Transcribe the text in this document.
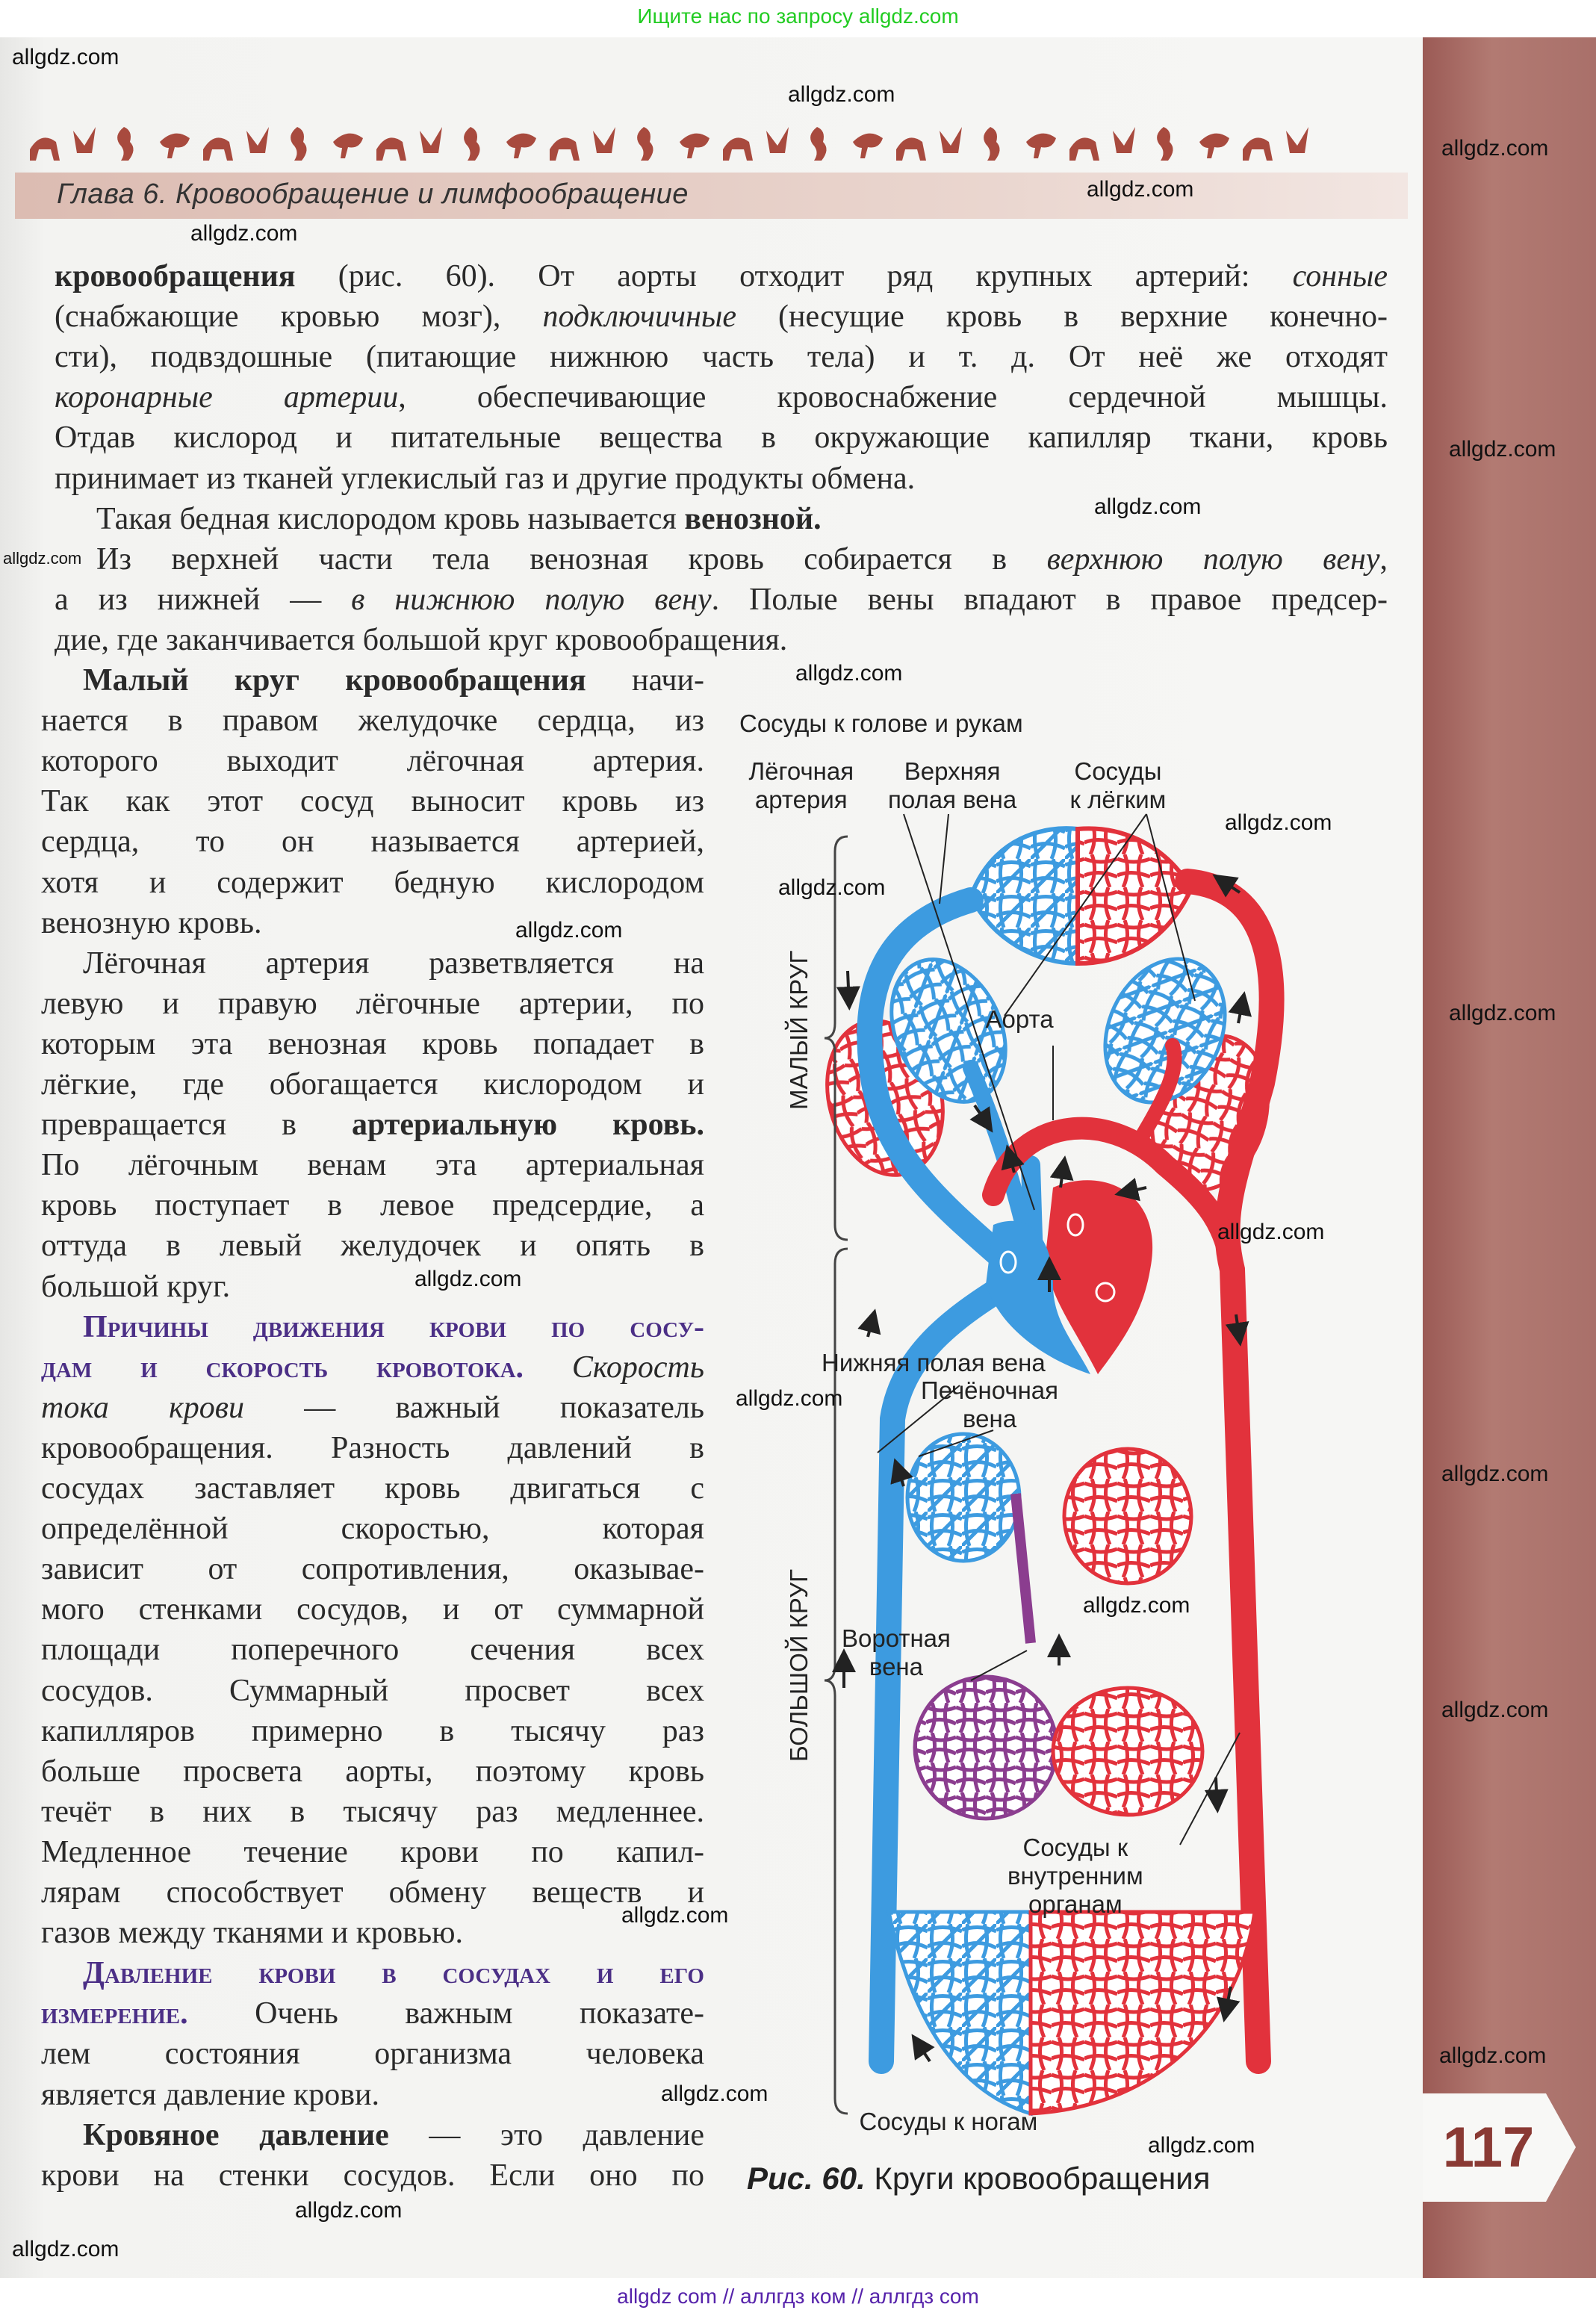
Ищите нас по запросу allgdz.com
Глава 6. Кровообращение и лимфообращение
кровообращения (рис. 60). От аорты отходит ряд крупных артерий: сонные
(снабжающие кровью мозг), подключичные (несущие кровь в верхние конечно-
сти), подвздошные (питающие нижнюю часть тела) и т. д. От неё же отходят
коронарные артерии, обеспечивающие кровоснабжение сердечной мышцы.
Отдав кислород и питательные вещества в окружающие капилляр ткани, кровь
принимает из тканей углекислый газ и другие продукты обмена.
Такая бедная кислородом кровь называется венозной.
Из верхней части тела венозная кровь собирается в верхнюю полую вену,
а из нижней — в нижнюю полую вену. Полые вены впадают в правое предсер-
дие, где заканчивается большой круг кровообращения.
Малый круг кровообращения начи-
нается в правом желудочке сердца, из
которого выходит лёгочная артерия.
Так как этот сосуд выносит кровь из
сердца, то он называется артерией,
хотя и содержит бедную кислородом
венозную кровь.
Лёгочная артерия разветвляется на
левую и правую лёгочные артерии, по
которым эта венозная кровь попадает в
лёгкие, где обогащается кислородом и
превращается в артериальную кровь.
По лёгочным венам эта артериальная
кровь поступает в левое предсердие, а
оттуда в левый желудочек и опять в
большой круг.
Причины движения крови по сосу-
дам и скорость кровотока. Скорость
тока крови — важный показатель
кровообращения. Разность давлений в
сосудах заставляет кровь двигаться с
определённой скоростью, которая
зависит от сопротивления, оказывае-
мого стенками сосудов, и от суммарной
площади поперечного сечения всех
сосудов. Суммарный просвет всех
капилляров примерно в тысячу раз
больше просвета аорты, поэтому кровь
течёт в них в тысячу раз медленнее.
Медленное течение крови по капил-
лярам способствует обмену веществ и
газов между тканями и кровью.
Давление крови в сосудах и его
измерение. Очень важным показате-
лем состояния организма человека
является давление крови.
Кровяное давление — это давление
крови на стенки сосудов. Если оно по
Сосуды к голове и рукам
Лёгочная
артерия
Верхняя
полая вена
Сосуды
к лёгким
Аорта
Нижняя полая вена
Печёночная
вена
Воротная
вена
Сосуды к
внутренним
органам
Сосуды к ногам
МАЛЫЙ КРУГ
БОЛЬШОЙ КРУГ
Рис. 60. Круги кровообращения	117
allgdz.com
allgdz.com
allgdz.com
allgdz.com
allgdz.com
allgdz.com
allgdz.com
allgdz.com
allgdz.com
allgdz.com
allgdz.com
allgdz.com
allgdz.com
allgdz.com
allgdz.com
allgdz.com
allgdz.com
allgdz.com
allgdz.com
allgdz.com
allgdz.com
allgdz.com
allgdz.com
allgdz.com
allgdz.com
allgdz com // аллгдз ком // аллгдз com
